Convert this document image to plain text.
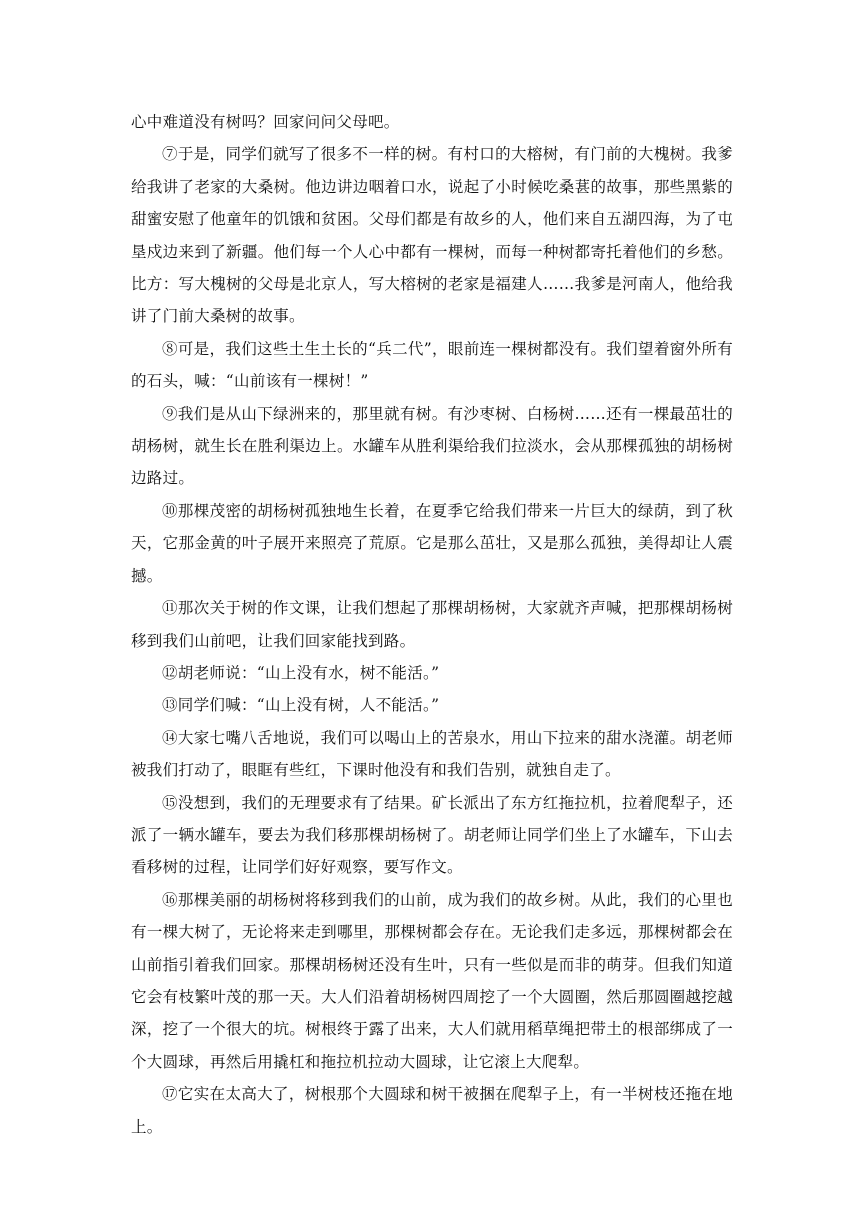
心中难道没有树吗？回家问问父母吧。

⑦于是，同学们就写了很多不一样的树。有村口的大榕树，有门前的大槐树。我爹给我讲了老家的大桑树。他边讲边咽着口水，说起了小时候吃桑葚的故事，那些黑紫的甜蜜安慰了他童年的饥饿和贫困。父母们都是有故乡的人，他们来自五湖四海，为了屯垦戍边来到了新疆。他们每一个人心中都有一棵树，而每一种树都寄托着他们的乡愁。比方：写大槐树的父母是北京人，写大榕树的老家是福建人……我爹是河南人，他给我讲了门前大桑树的故事。

⑧可是，我们这些土生土长的“兵二代”，眼前连一棵树都没有。我们望着窗外所有的石头，喊：“山前该有一棵树！”

⑨我们是从山下绿洲来的，那里就有树。有沙枣树、白杨树……还有一棵最茁壮的胡杨树，就生长在胜利渠边上。水罐车从胜利渠给我们拉淡水，会从那棵孤独的胡杨树边路过。

⑩那棵茂密的胡杨树孤独地生长着，在夏季它给我们带来一片巨大的绿荫，到了秋天，它那金黄的叶子展开来照亮了荒原。它是那么茁壮，又是那么孤独，美得却让人震撼。

⑪那次关于树的作文课，让我们想起了那棵胡杨树，大家就齐声喊，把那棵胡杨树移到我们山前吧，让我们回家能找到路。

⑫胡老师说：“山上没有水，树不能活。”

⑬同学们喊：“山上没有树，人不能活。”

⑭大家七嘴八舌地说，我们可以喝山上的苦泉水，用山下拉来的甜水浇灌。胡老师被我们打动了，眼眶有些红，下课时他没有和我们告别，就独自走了。

⑮没想到，我们的无理要求有了结果。矿长派出了东方红拖拉机，拉着爬犁子，还派了一辆水罐车，要去为我们移那棵胡杨树了。胡老师让同学们坐上了水罐车，下山去看移树的过程，让同学们好好观察，要写作文。

⑯那棵美丽的胡杨树将移到我们的山前，成为我们的故乡树。从此，我们的心里也有一棵大树了，无论将来走到哪里，那棵树都会存在。无论我们走多远，那棵树都会在山前指引着我们回家。那棵胡杨树还没有生叶，只有一些似是而非的萌芽。但我们知道它会有枝繁叶茂的那一天。大人们沿着胡杨树四周挖了一个大圆圈，然后那圆圈越挖越深，挖了一个很大的坑。树根终于露了出来，大人们就用稻草绳把带土的根部绑成了一个大圆球，再然后用撬杠和拖拉机拉动大圆球，让它滚上大爬犁。

⑰它实在太高大了，树根那个大圆球和树干被捆在爬犁子上，有一半树枝还拖在地上。
